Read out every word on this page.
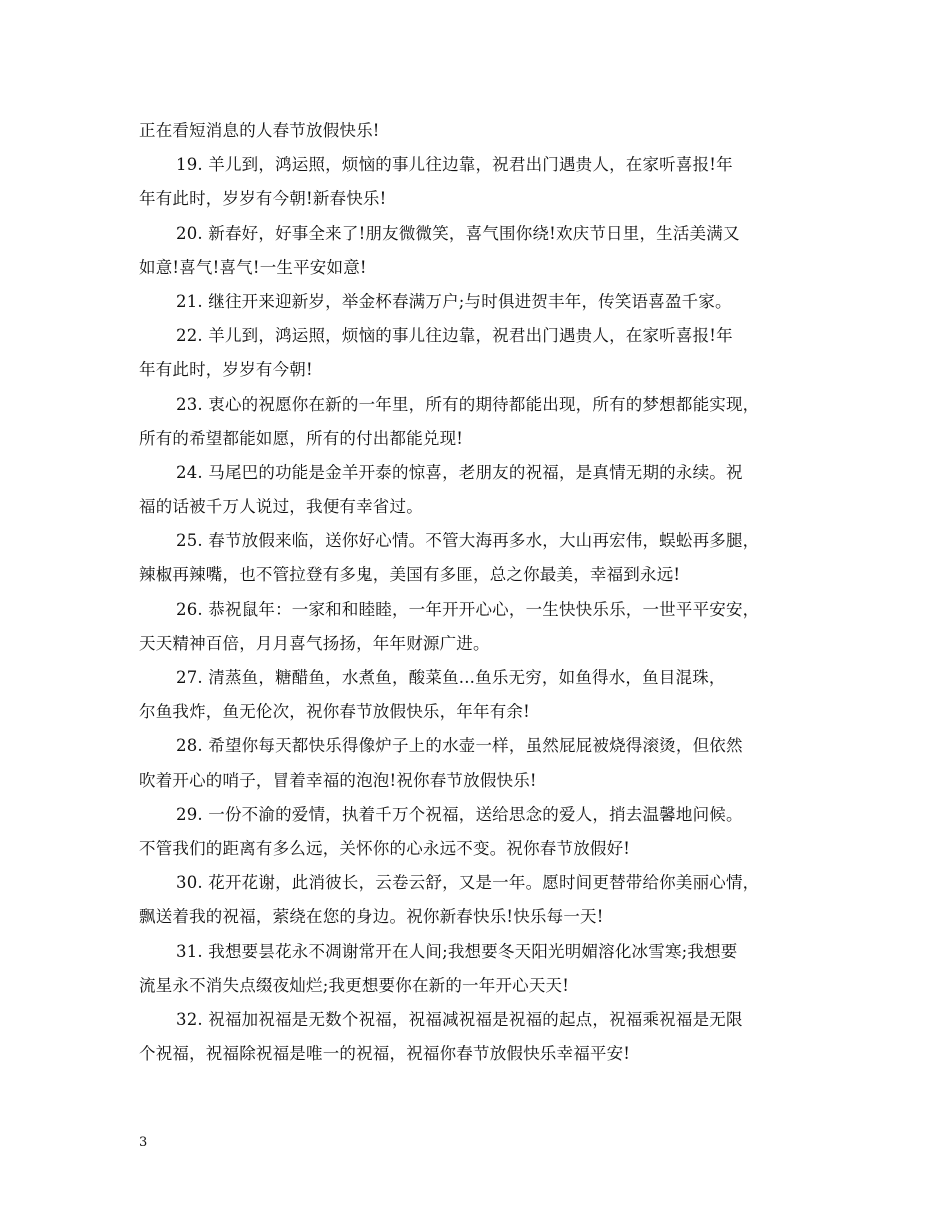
正在看短消息的人春节放假快乐!
19. 羊儿到，鸿运照，烦恼的事儿往边靠，祝君出门遇贵人，在家听喜报!年
年有此时，岁岁有今朝!新春快乐!
20. 新春好，好事全来了!朋友微微笑，喜气围你绕!欢庆节日里，生活美满又
如意!喜气!喜气!一生平安如意!
21. 继往开来迎新岁，举金杯春满万户;与时俱进贺丰年，传笑语喜盈千家。
22. 羊儿到，鸿运照，烦恼的事儿往边靠，祝君出门遇贵人，在家听喜报!年
年有此时，岁岁有今朝!
23. 衷心的祝愿你在新的一年里，所有的期待都能出现，所有的梦想都能实现，
所有的希望都能如愿，所有的付出都能兑现!
24. 马尾巴的功能是金羊开泰的惊喜，老朋友的祝福，是真情无期的永续。祝
福的话被千万人说过，我便有幸省过。
25. 春节放假来临，送你好心情。不管大海再多水，大山再宏伟，蜈蚣再多腿，
辣椒再辣嘴，也不管拉登有多鬼，美国有多匪，总之你最美，幸福到永远!
26. 恭祝鼠年：一家和和睦睦，一年开开心心，一生快快乐乐，一世平平安安，
天天精神百倍，月月喜气扬扬，年年财源广进。
27. 清蒸鱼，糖醋鱼，水煮鱼，酸菜鱼...鱼乐无穷，如鱼得水，鱼目混珠，
尔鱼我炸，鱼无伦次，祝你春节放假快乐，年年有余!
28. 希望你每天都快乐得像炉子上的水壶一样，虽然屁屁被烧得滚烫，但依然
吹着开心的哨子，冒着幸福的泡泡!祝你春节放假快乐!
29. 一份不渝的爱情，执着千万个祝福，送给思念的爱人，捎去温馨地问候。
不管我们的距离有多么远，关怀你的心永远不变。祝你春节放假好!
30. 花开花谢，此消彼长，云卷云舒，又是一年。愿时间更替带给你美丽心情，
飘送着我的祝福，萦绕在您的身边。祝你新春快乐!快乐每一天!
31. 我想要昙花永不凋谢常开在人间;我想要冬天阳光明媚溶化冰雪寒;我想要
流星永不消失点缀夜灿烂;我更想要你在新的一年开心天天!
32. 祝福加祝福是无数个祝福，祝福减祝福是祝福的起点，祝福乘祝福是无限
个祝福，祝福除祝福是唯一的祝福，祝福你春节放假快乐幸福平安!
3
